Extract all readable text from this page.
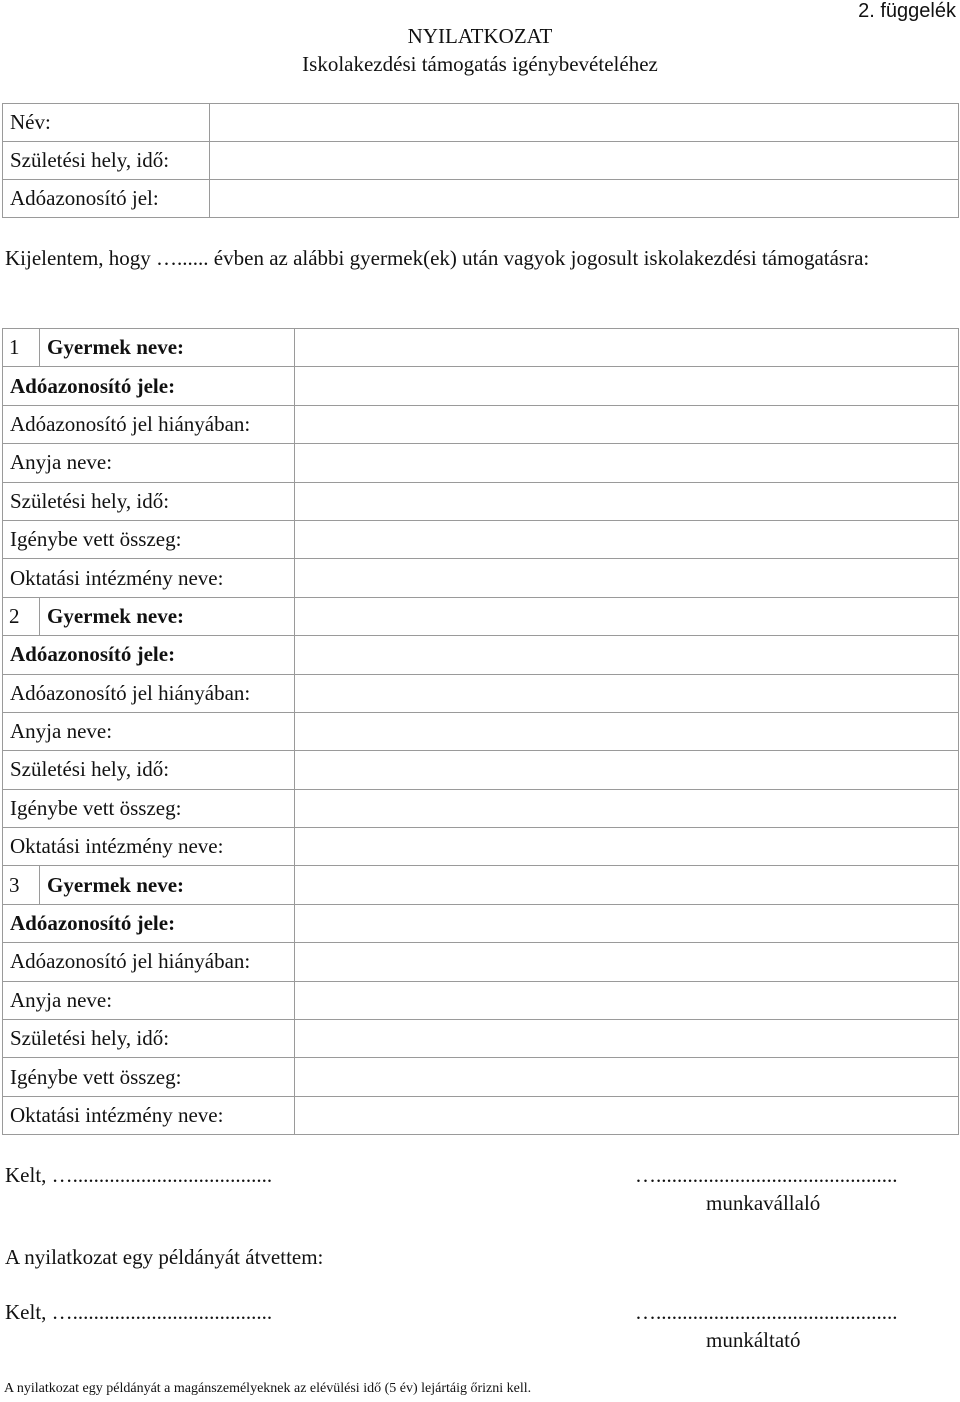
2. függelék
NYILATKOZAT
Iskolakezdési támogatás igénybevételéhez
Név:	
Születési hely, idő:	
Adóazonosító jel:	
Kijelentem, hogy …...... évben az alábbi gyermek(ek) után vagyok jogosult iskolakezdési támogatásra:
1	Gyermek neve:	
Adóazonosító jele:		
Adóazonosító jel hiányában:		
Anyja neve:		
Születési hely, idő:		
Igénybe vett összeg:		
Oktatási intézmény neve:		
2	Gyermek neve:	
Adóazonosító jele:		
Adóazonosító jel hiányában:		
Anyja neve:		
Születési hely, idő:		
Igénybe vett összeg:		
Oktatási intézmény neve:		
3	Gyermek neve:	
Adóazonosító jele:		
Adóazonosító jel hiányában:		
Anyja neve:		
Születési hely, idő:		
Igénybe vett összeg:		
Oktatási intézmény neve:		
Kelt, …......................................	…..............................................
munkavállaló
A nyilatkozat egy példányát átvettem:
Kelt, …......................................	…..............................................
munkáltató
A nyilatkozat egy példányát a magánszemélyeknek az elévülési idő (5 év) lejártáig őrizni kell.
